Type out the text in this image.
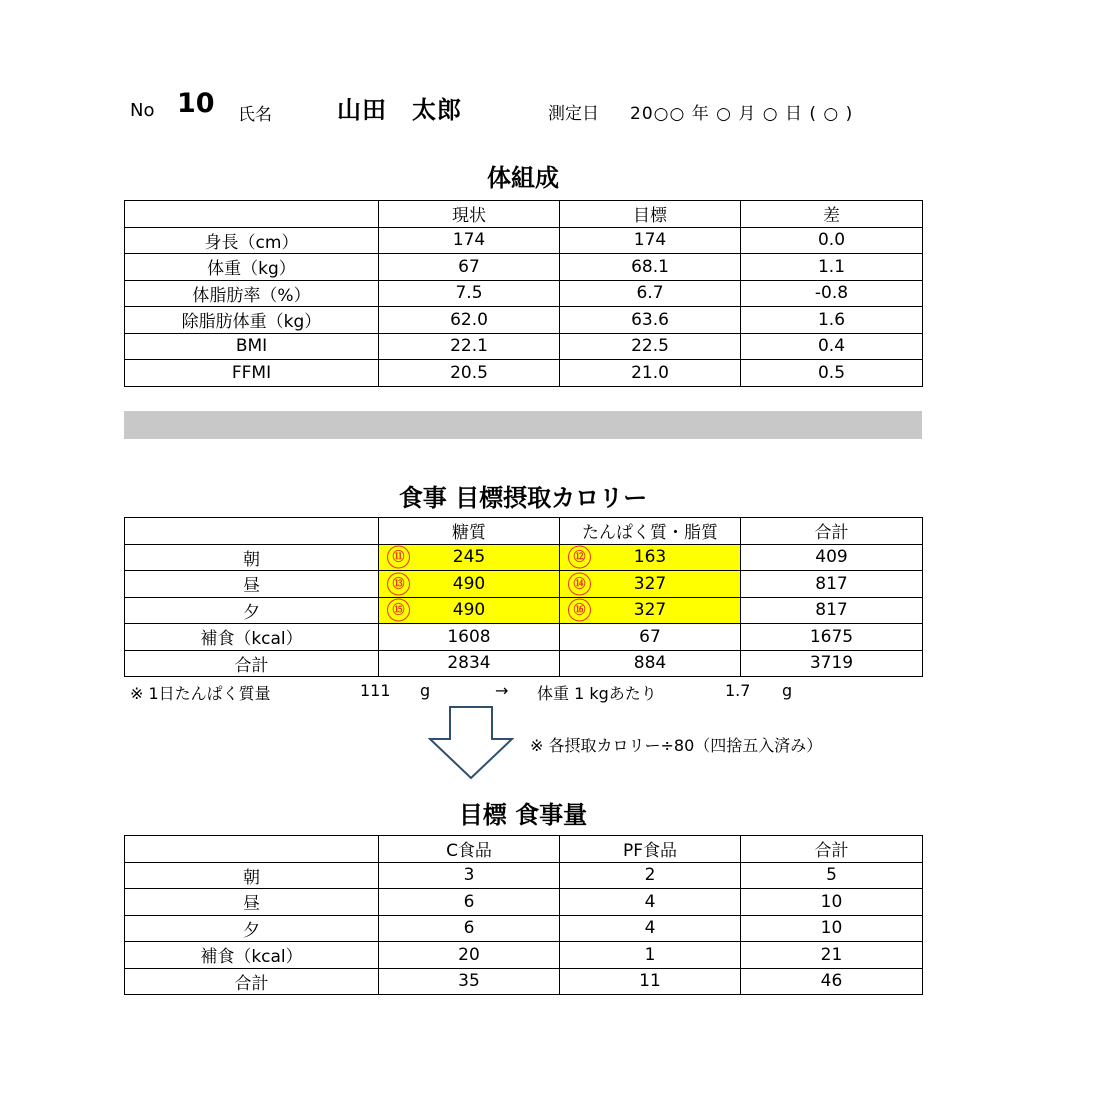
No 10 氏名	山田　太郎	測定日 20○○ 年 ○ 月 ○ 日 ( ○ )
体組成
	現状	目標	差
身長（cm）	174	174	0.0
体重（kg）	67	68.1	1.1
体脂肪率（%）	7.5	6.7	-0.8
除脂肪体重（kg）	62.0	63.6	1.6
BMI	22.1	22.5	0.4
FFMI	20.5	21.0	0.5
食事 目標摂取カロリー
	糖質	たんぱく質・脂質	合計
朝	⑪ 245	⑫ 163	409
昼	⑬ 490	⑭ 327	817
夕	⑮ 490	⑯ 327	817
補食（kcal）	1608	67	1675
合計	2834	884	3719
※ 1日たんぱく質量	111 g	→ 体重 1 kgあたり	1.7 g
※ 各摂取カロリー÷80（四捨五入済み）
目標 食事量
	C食品	PF食品	合計
朝	3	2	5
昼	6	4	10
夕	6	4	10
補食（kcal）	20	1	21
合計	35	11	46
